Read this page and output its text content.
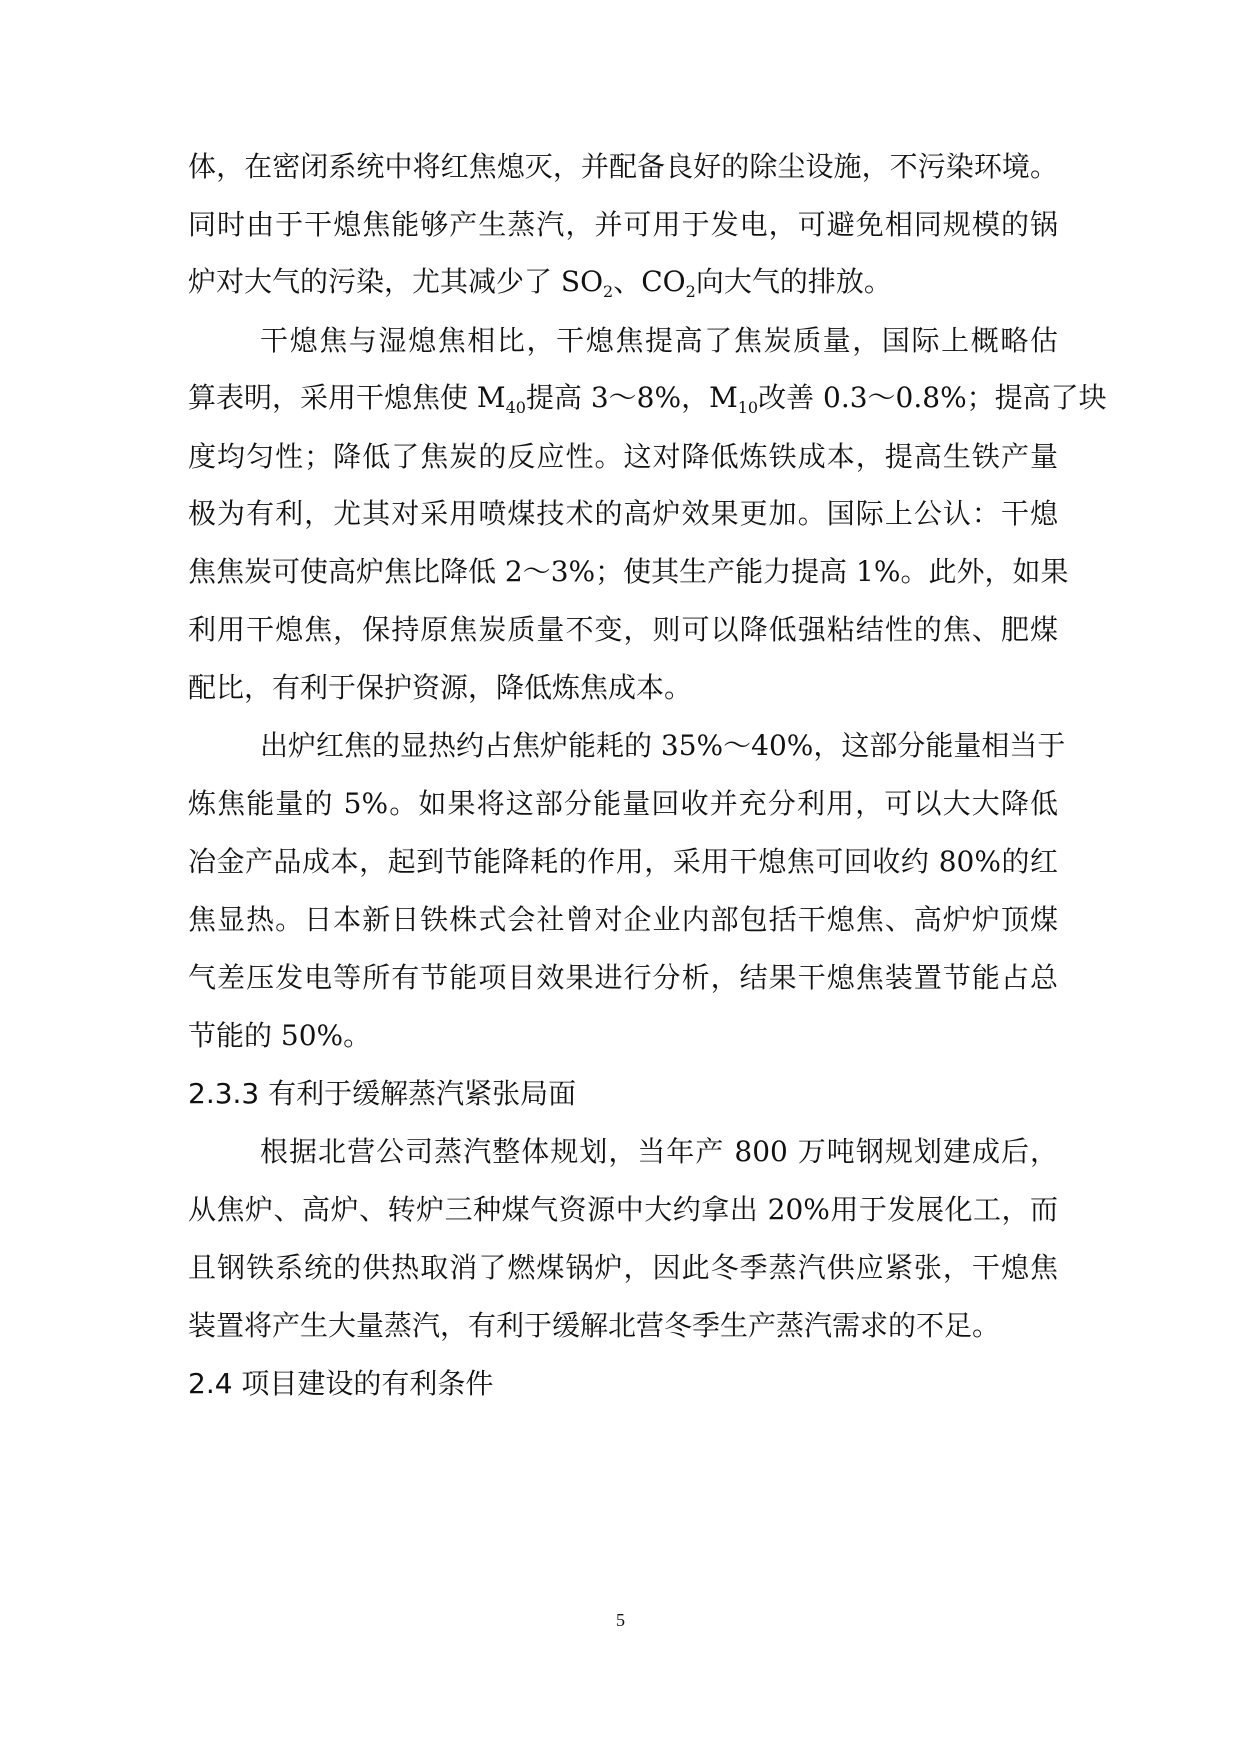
体，在密闭系统中将红焦熄灭，并配备良好的除尘设施，不污染环境。
同时由于干熄焦能够产生蒸汽，并可用于发电，可避免相同规模的锅
炉对大气的污染，尤其减少了 $SO_2$、$CO_2$向大气的排放。
干熄焦与湿熄焦相比，干熄焦提高了焦炭质量，国际上概略估
算表明，采用干熄焦使 $M_{40}$提高 3～8%，$M_{10}$改善 0.3～0.8%；提高了块
度均匀性；降低了焦炭的反应性。这对降低炼铁成本，提高生铁产量
极为有利，尤其对采用喷煤技术的高炉效果更加。国际上公认：干熄
焦焦炭可使高炉焦比降低 2～3%；使其生产能力提高 1%。此外，如果
利用干熄焦，保持原焦炭质量不变，则可以降低强粘结性的焦、肥煤
配比，有利于保护资源，降低炼焦成本。
出炉红焦的显热约占焦炉能耗的 35%～40%，这部分能量相当于
炼焦能量的 5%。如果将这部分能量回收并充分利用，可以大大降低
冶金产品成本，起到节能降耗的作用，采用干熄焦可回收约 80%的红
焦显热。日本新日铁株式会社曾对企业内部包括干熄焦、高炉炉顶煤
气差压发电等所有节能项目效果进行分析，结果干熄焦装置节能占总
节能的 50%。
2.3.3 有利于缓解蒸汽紧张局面
根据北营公司蒸汽整体规划，当年产 800 万吨钢规划建成后，
从焦炉、高炉、转炉三种煤气资源中大约拿出 20%用于发展化工，而
且钢铁系统的供热取消了燃煤锅炉，因此冬季蒸汽供应紧张，干熄焦
装置将产生大量蒸汽，有利于缓解北营冬季生产蒸汽需求的不足。
2.4 项目建设的有利条件
5
